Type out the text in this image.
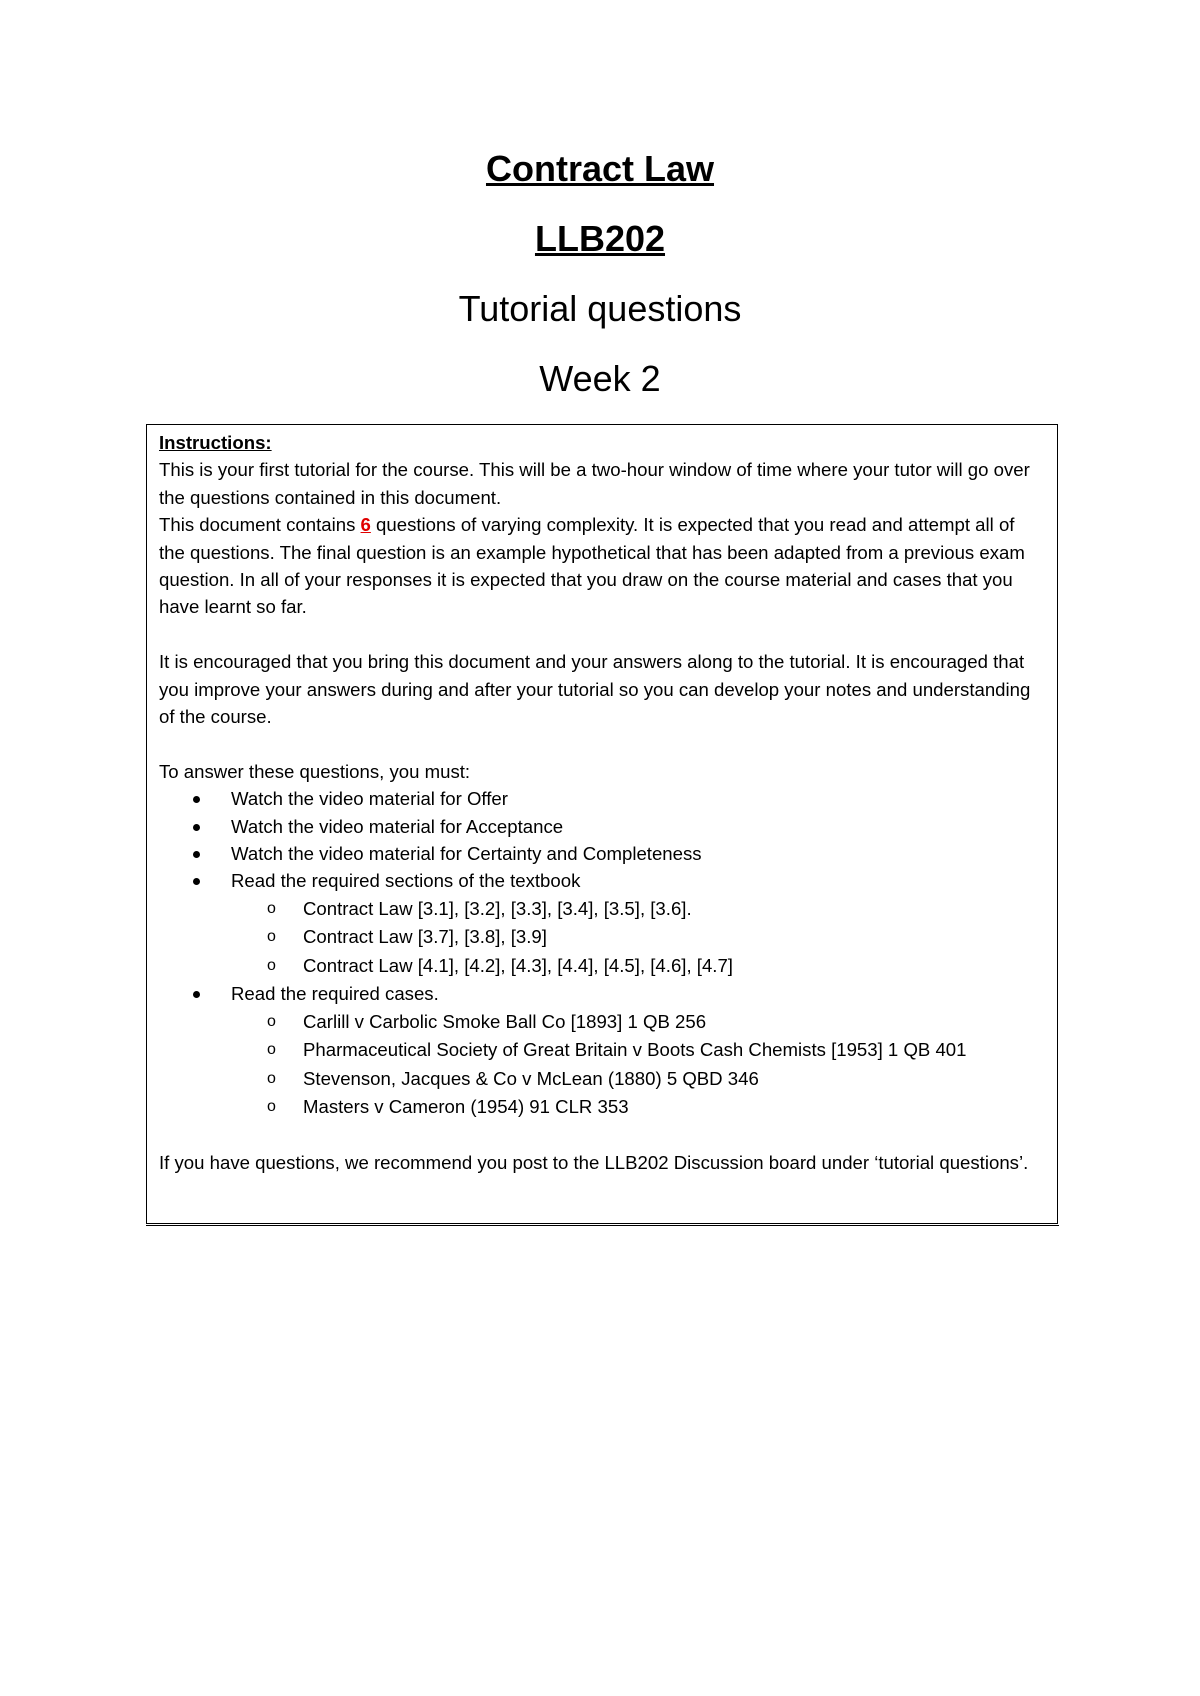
Contract Law
LLB202
Tutorial questions
Week 2
Instructions:

This is your first tutorial for the course. This will be a two-hour window of time where your tutor will go over the questions contained in this document.

This document contains 6 questions of varying complexity. It is expected that you read and attempt all of the questions. The final question is an example hypothetical that has been adapted from a previous exam question. In all of your responses it is expected that you draw on the course material and cases that you have learnt so far.

It is encouraged that you bring this document and your answers along to the tutorial. It is encouraged that you improve your answers during and after your tutorial so you can develop your notes and understanding of the course.

To answer these questions, you must:

Watch the video material for Offer
Watch the video material for Acceptance
Watch the video material for Certainty and Completeness
Read the required sections of the textbook
o Contract Law [3.1], [3.2], [3.3], [3.4], [3.5], [3.6].
o Contract Law [3.7], [3.8], [3.9]
o Contract Law [4.1], [4.2], [4.3], [4.4], [4.5], [4.6], [4.7]
Read the required cases.
o Carlill v Carbolic Smoke Ball Co [1893] 1 QB 256
o Pharmaceutical Society of Great Britain v Boots Cash Chemists [1953] 1 QB 401
o Stevenson, Jacques & Co v McLean (1880) 5 QBD 346
o Masters v Cameron (1954) 91 CLR 353

If you have questions, we recommend you post to the LLB202 Discussion board under ‘tutorial questions’.
